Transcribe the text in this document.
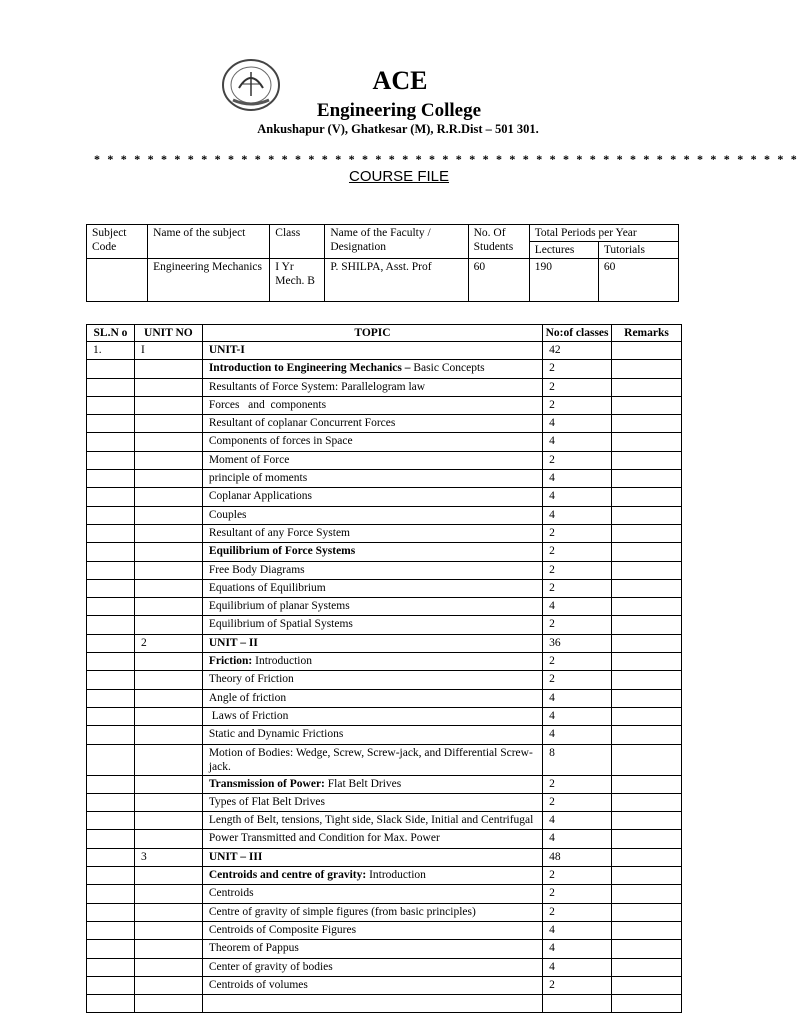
ACE
Engineering College
Ankushapur (V), Ghatkesar (M), R.R.Dist – 501 301.
* * * * * * * * * * * * * * * * * * * * * * * * * * * * * * * * * * * * * * * * * * * * * * * * * * * * *
COURSE FILE
Subject Code	Name of the subject	Class	Name of the Faculty / Designation	No. Of Students	Total Periods per Year	
					Lectures	Tutorials
	Engineering Mechanics	I Yr Mech. B	P. SHILPA, Asst. Prof	60	190	60
SL.N o	UNIT NO	TOPIC	No:of classes	Remarks
1.	I	UNIT-I	42	
		Introduction to Engineering Mechanics – Basic Concepts	2	
		Resultants of Force System: Parallelogram law	2	
		Forces   and  components	2	
		Resultant of coplanar Concurrent Forces	4	
		Components of forces in Space	4	
		Moment of Force	2	
		principle of moments	4	
		Coplanar Applications	4	
		Couples	4	
		Resultant of any Force System	2	
		Equilibrium of Force Systems	2	
		Free Body Diagrams	2	
		Equations of Equilibrium	2	
		Equilibrium of planar Systems	4	
		Equilibrium of Spatial Systems	2	
	2	UNIT – II	36	
		Friction: Introduction	2	
		Theory of Friction	2	
		Angle of friction	4	
		Laws of Friction	4	
		Static and Dynamic Frictions	4	
		Motion of Bodies: Wedge, Screw, Screw-jack, and Differential Screw-jack.	8	
		Transmission of Power: Flat Belt Drives	2	
		Types of Flat Belt Drives	2	
		Length of Belt, tensions, Tight side, Slack Side, Initial and Centrifugal	4	
		Power Transmitted and Condition for Max. Power	4	
	3	UNIT – III	48	
		Centroids and centre of gravity: Introduction	2	
		Centroids	2	
		Centre of gravity of simple figures (from basic principles)	2	
		Centroids of Composite Figures	4	
		Theorem of Pappus	4	
		Center of gravity of bodies	4	
		Centroids of volumes	2	
